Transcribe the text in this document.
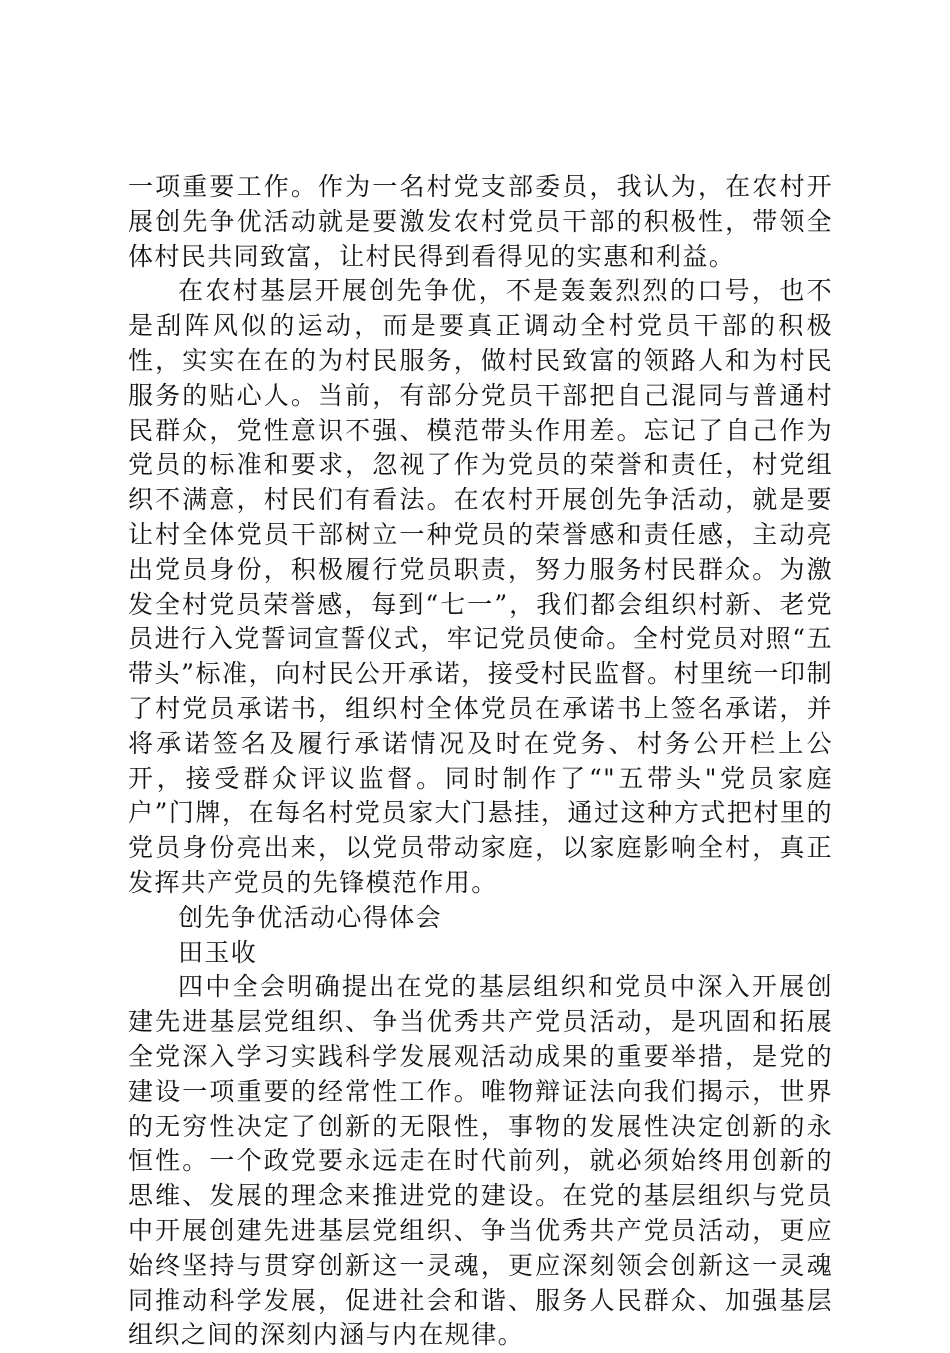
一项重要工作。作为一名村党支部委员，我认为，在农村开展创先争优活动就是要激发农村党员干部的积极性，带领全体村民共同致富，让村民得到看得见的实惠和利益。

在农村基层开展创先争优，不是轰轰烈烈的口号，也不是刮阵风似的运动，而是要真正调动全村党员干部的积极性，实实在在的为村民服务，做村民致富的领路人和为村民服务的贴心人。当前，有部分党员干部把自己混同与普通村民群众，党性意识不强、模范带头作用差。忘记了自己作为党员的标准和要求，忽视了作为党员的荣誉和责任，村党组织不满意，村民们有看法。在农村开展创先争活动，就是要让村全体党员干部树立一种党员的荣誉感和责任感，主动亮出党员身份，积极履行党员职责，努力服务村民群众。为激发全村党员荣誉感，每到“七一”，我们都会组织村新、老党员进行入党誓词宣誓仪式，牢记党员使命。全村党员对照“五带头”标准，向村民公开承诺，接受村民监督。村里统一印制了村党员承诺书，组织村全体党员在承诺书上签名承诺，并将承诺签名及履行承诺情况及时在党务、村务公开栏上公开，接受群众评议监督。同时制作了“"五带头"党员家庭户”门牌，在每名村党员家大门悬挂，通过这种方式把村里的党员身份亮出来，以党员带动家庭，以家庭影响全村，真正发挥共产党员的先锋模范作用。

创先争优活动心得体会

田玉收

四中全会明确提出在党的基层组织和党员中深入开展创建先进基层党组织、争当优秀共产党员活动，是巩固和拓展全党深入学习实践科学发展观活动成果的重要举措，是党的建设一项重要的经常性工作。唯物辩证法向我们揭示，世界的无穷性决定了创新的无限性，事物的发展性决定创新的永恒性。一个政党要永远走在时代前列，就必须始终用创新的思维、发展的理念来推进党的建设。在党的基层组织与党员中开展创建先进基层党组织、争当优秀共产党员活动，更应始终坚持与贯穿创新这一灵魂，更应深刻领会创新这一灵魂同推动科学发展，促进社会和谐、服务人民群众、加强基层组织之间的深刻内涵与内在规律。
